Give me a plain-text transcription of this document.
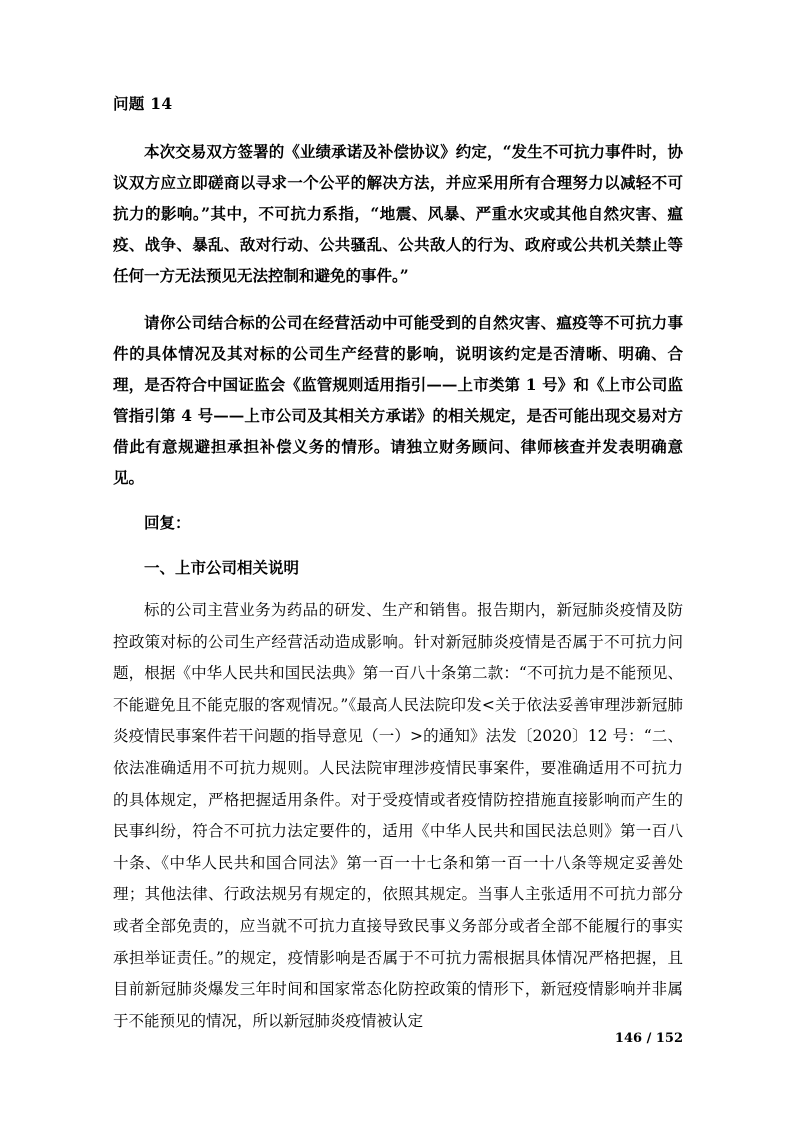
问题 14

本次交易双方签署的《业绩承诺及补偿协议》约定，“发生不可抗力事件时，协议双方应立即磋商以寻求一个公平的解决方法，并应采用所有合理努力以减轻不可抗力的影响。”其中，不可抗力系指，“地震、风暴、严重水灾或其他自然灾害、瘟疫、战争、暴乱、敌对行动、公共骚乱、公共敌人的行为、政府或公共机关禁止等任何一方无法预见无法控制和避免的事件。”

请你公司结合标的公司在经营活动中可能受到的自然灾害、瘟疫等不可抗力事件的具体情况及其对标的公司生产经营的影响，说明该约定是否清晰、明确、合理，是否符合中国证监会《监管规则适用指引——上市类第 1 号》和《上市公司监管指引第 4 号——上市公司及其相关方承诺》的相关规定，是否可能出现交易对方借此有意规避担承担补偿义务的情形。请独立财务顾问、律师核查并发表明确意见。

回复：

一、上市公司相关说明

标的公司主营业务为药品的研发、生产和销售。报告期内，新冠肺炎疫情及防控政策对标的公司生产经营活动造成影响。针对新冠肺炎疫情是否属于不可抗力问题，根据《中华人民共和国民法典》第一百八十条第二款：“不可抗力是不能预见、不能避免且不能克服的客观情况。”《最高人民法院印发<关于依法妥善审理涉新冠肺炎疫情民事案件若干问题的指导意见（一）>的通知》法发〔2020〕12 号：“二、依法准确适用不可抗力规则。人民法院审理涉疫情民事案件，要准确适用不可抗力的具体规定，严格把握适用条件。对于受疫情或者疫情防控措施直接影响而产生的民事纠纷，符合不可抗力法定要件的，适用《中华人民共和国民法总则》第一百八十条、《中华人民共和国合同法》第一百一十七条和第一百一十八条等规定妥善处理；其他法律、行政法规另有规定的，依照其规定。当事人主张适用不可抗力部分或者全部免责的，应当就不可抗力直接导致民事义务部分或者全部不能履行的事实承担举证责任。”的规定，疫情影响是否属于不可抗力需根据具体情况严格把握，且目前新冠肺炎爆发三年时间和国家常态化防控政策的情形下，新冠疫情影响并非属于不能预见的情况，所以新冠肺炎疫情被认定

146 / 152
